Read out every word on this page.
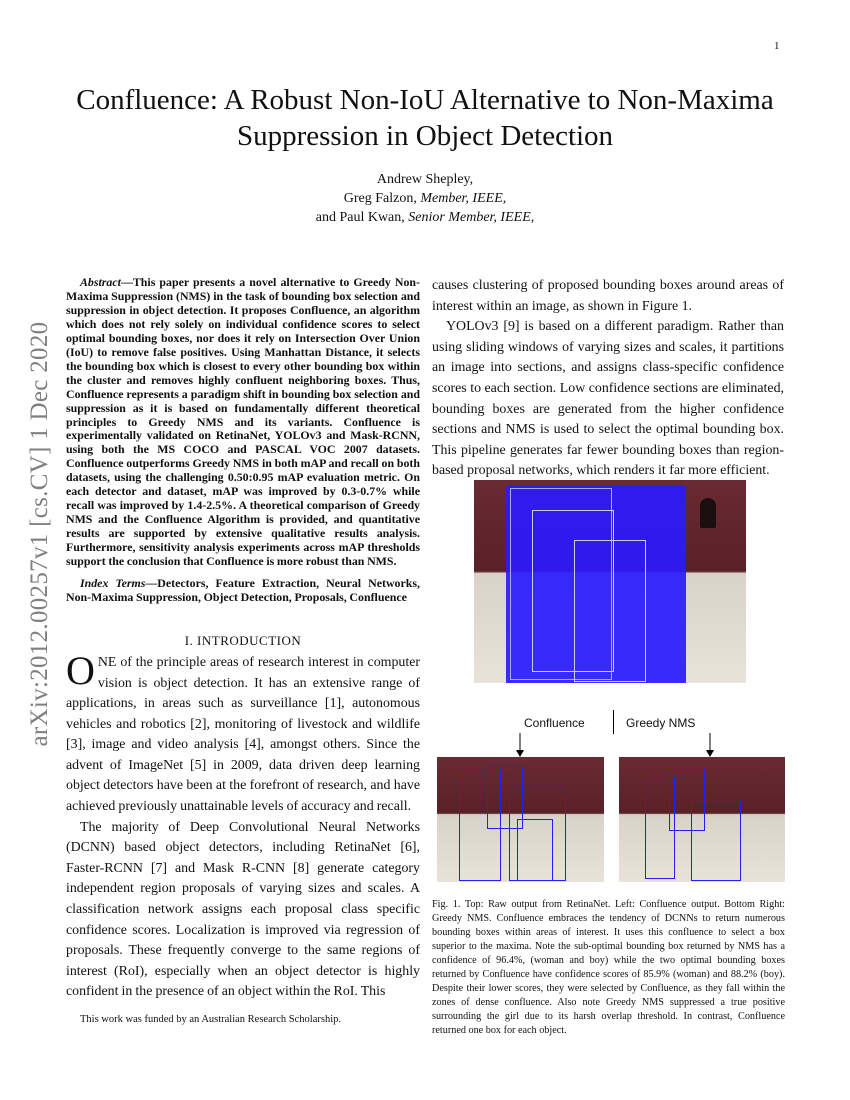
1
arXiv:2012.00257v1 [cs.CV] 1 Dec 2020
Confluence: A Robust Non-IoU Alternative to Non-Maxima Suppression in Object Detection
Andrew Shepley,
Greg Falzon, Member, IEEE,
and Paul Kwan, Senior Member, IEEE,
Abstract—This paper presents a novel alternative to Greedy Non-Maxima Suppression (NMS) in the task of bounding box selection and suppression in object detection. It proposes Confluence, an algorithm which does not rely solely on individual confidence scores to select optimal bounding boxes, nor does it rely on Intersection Over Union (IoU) to remove false positives. Using Manhattan Distance, it selects the bounding box which is closest to every other bounding box within the cluster and removes highly confluent neighboring boxes. Thus, Confluence represents a paradigm shift in bounding box selection and suppression as it is based on fundamentally different theoretical principles to Greedy NMS and its variants. Confluence is experimentally validated on RetinaNet, YOLOv3 and Mask-RCNN, using both the MS COCO and PASCAL VOC 2007 datasets. Confluence outperforms Greedy NMS in both mAP and recall on both datasets, using the challenging 0.50:0.95 mAP evaluation metric. On each detector and dataset, mAP was improved by 0.3-0.7% while recall was improved by 1.4-2.5%. A theoretical comparison of Greedy NMS and the Confluence Algorithm is provided, and quantitative results are supported by extensive qualitative results analysis. Furthermore, sensitivity analysis experiments across mAP thresholds support the conclusion that Confluence is more robust than NMS.
Index Terms—Detectors, Feature Extraction, Neural Networks, Non-Maxima Suppression, Object Detection, Proposals, Confluence
I. INTRODUCTION

ONE of the principle areas of research interest in computer vision is object detection. It has an extensive range of applications, in areas such as surveillance [1], autonomous vehicles and robotics [2], monitoring of livestock and wildlife [3], image and video analysis [4], amongst others. Since the advent of ImageNet [5] in 2009, data driven deep learning object detectors have been at the forefront of research, and have achieved previously unattainable levels of accuracy and recall.

The majority of Deep Convolutional Neural Networks (DCNN) based object detectors, including RetinaNet [6], Faster-RCNN [7] and Mask R-CNN [8] generate category independent region proposals of varying sizes and scales. A classification network assigns each proposal class specific confidence scores. Localization is improved via regression of proposals. These frequently converge to the same regions of interest (RoI), especially when an object detector is highly confident in the presence of an object within the RoI. This

This work was funded by an Australian Research Scholarship.

causes clustering of proposed bounding boxes around areas of interest within an image, as shown in Figure 1.

YOLOv3 [9] is based on a different paradigm. Rather than using sliding windows of varying sizes and scales, it partitions an image into sections, and assigns class-specific confidence scores to each section. Low confidence sections are eliminated, bounding boxes are generated from the higher confidence sections and NMS is used to select the optimal bounding box. This pipeline generates far fewer bounding boxes than region-based proposal networks, which renders it far more efficient.

Confluence	Greedy NMS
Fig. 1. Top: Raw output from RetinaNet. Left: Confluence output. Bottom Right: Greedy NMS. Confluence embraces the tendency of DCNNs to return numerous bounding boxes within areas of interest. It uses this confluence to select a box superior to the maxima. Note the sub-optimal bounding box returned by NMS has a confidence of 96.4%, (woman and boy) while the two optimal bounding boxes returned by Confluence have confidence scores of 85.9% (woman) and 88.2% (boy). Despite their lower scores, they were selected by Confluence, as they fall within the zones of dense confluence. Also note Greedy NMS suppressed a true positive surrounding the girl due to its harsh overlap threshold. In contrast, Confluence returned one box for each object.
